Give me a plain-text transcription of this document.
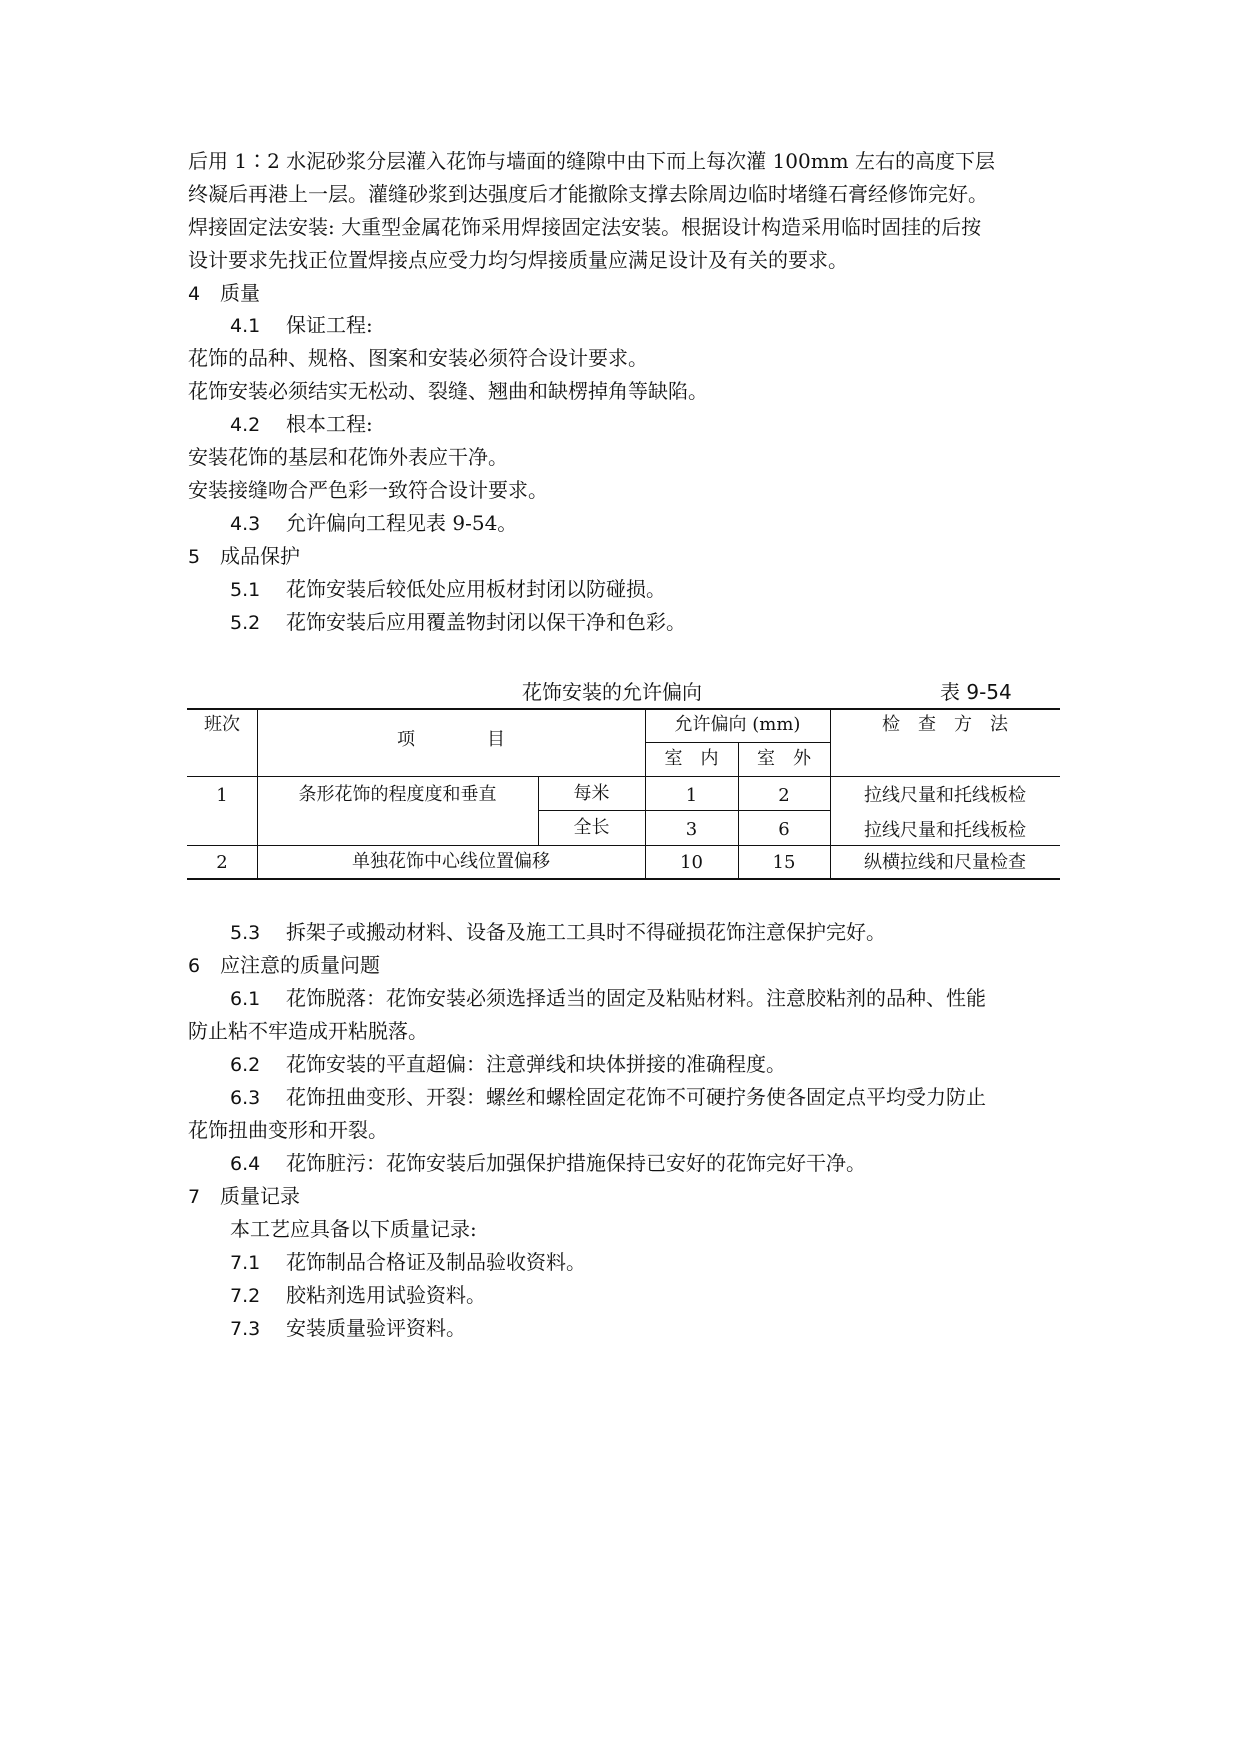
后用 1∶2 水泥砂浆分层灌入花饰与墙面的缝隙中由下而上每次灌 100mm 左右的高度下层
终凝后再港上一层。灌缝砂浆到达强度后才能撤除支撑去除周边临时堵缝石膏经修饰完好。
焊接固定法安装: 大重型金属花饰采用焊接固定法安装。根据设计构造采用临时固挂的后按
设计要求先找正位置焊接点应受力均匀焊接质量应满足设计及有关的要求。
4 质量
4.1 保证工程:
花饰的品种、规格、图案和安装必须符合设计要求。
花饰安装必须结实无松动、裂缝、翘曲和缺楞掉角等缺陷。
4.2 根本工程:
安装花饰的基层和花饰外表应干净。
安装接缝吻合严色彩一致符合设计要求。
4.3 允许偏向工程见表 9-54。
5 成品保护
5.1 花饰安装后较低处应用板材封闭以防碰损。
5.2 花饰安装后应用覆盖物封闭以保干净和色彩。
花饰安装的允许偏向	表 9-54
班次
项　　　　目
允许偏向 (mm)
室　内	室　外
检　查　方　法
1	条形花饰的程度度和垂直	每米	1	2	拉线尺量和托线板检
全长	3	6	拉线尺量和托线板检
2	单独花饰中心线位置偏移	10	15	纵横拉线和尺量检查
5.3 拆架子或搬动材料、设备及施工工具时不得碰损花饰注意保护完好。
6 应注意的质量问题
6.1 花饰脱落：花饰安装必须选择适当的固定及粘贴材料。注意胶粘剂的品种、性能
防止粘不牢造成开粘脱落。
6.2 花饰安装的平直超偏：注意弹线和块体拼接的准确程度。
6.3 花饰扭曲变形、开裂：螺丝和螺栓固定花饰不可硬拧务使各固定点平均受力防止
花饰扭曲变形和开裂。
6.4 花饰脏污：花饰安装后加强保护措施保持已安好的花饰完好干净。
7 质量记录
本工艺应具备以下质量记录:
7.1 花饰制品合格证及制品验收资料。
7.2 胶粘剂选用试验资料。
7.3 安装质量验评资料。
